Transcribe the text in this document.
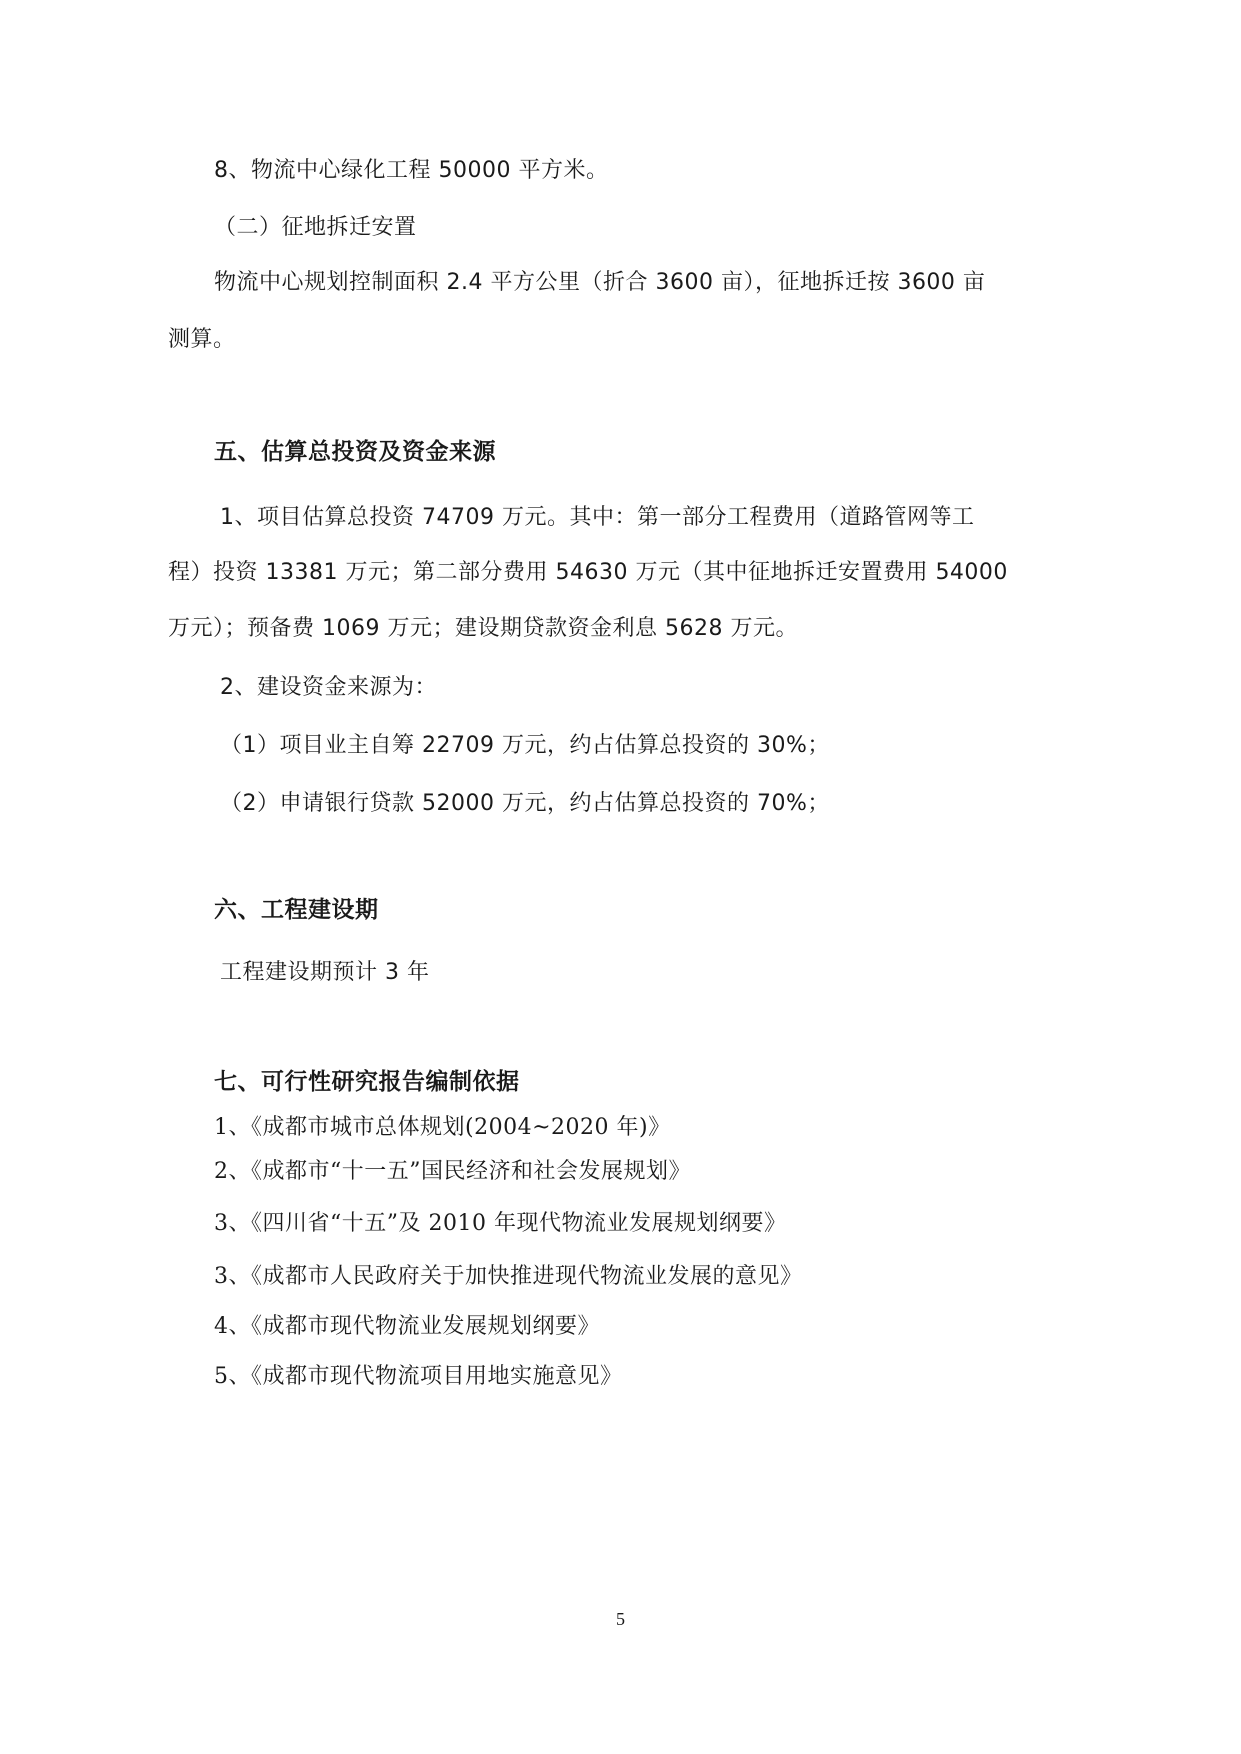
8、物流中心绿化工程 50000 平方米。
（二）征地拆迁安置
物流中心规划控制面积 2.4 平方公里（折合 3600 亩），征地拆迁按 3600 亩
测算。
五、估算总投资及资金来源
1、项目估算总投资 74709 万元。其中：第一部分工程费用（道路管网等工
程）投资 13381 万元；第二部分费用 54630 万元（其中征地拆迁安置费用 54000
万元）；预备费 1069 万元；建设期贷款资金利息 5628 万元。
2、建设资金来源为：
（1）项目业主自筹 22709 万元，约占估算总投资的 30%；
（2）申请银行贷款 52000 万元，约占估算总投资的 70%；
六、工程建设期
工程建设期预计 3 年
七、可行性研究报告编制依据
1、《成都市城市总体规划(2004~2020 年)》
2、《成都市“十一五”国民经济和社会发展规划》
3、《四川省“十五”及 2010 年现代物流业发展规划纲要》
3、《成都市人民政府关于加快推进现代物流业发展的意见》
4、《成都市现代物流业发展规划纲要》
5、《成都市现代物流项目用地实施意见》
5
